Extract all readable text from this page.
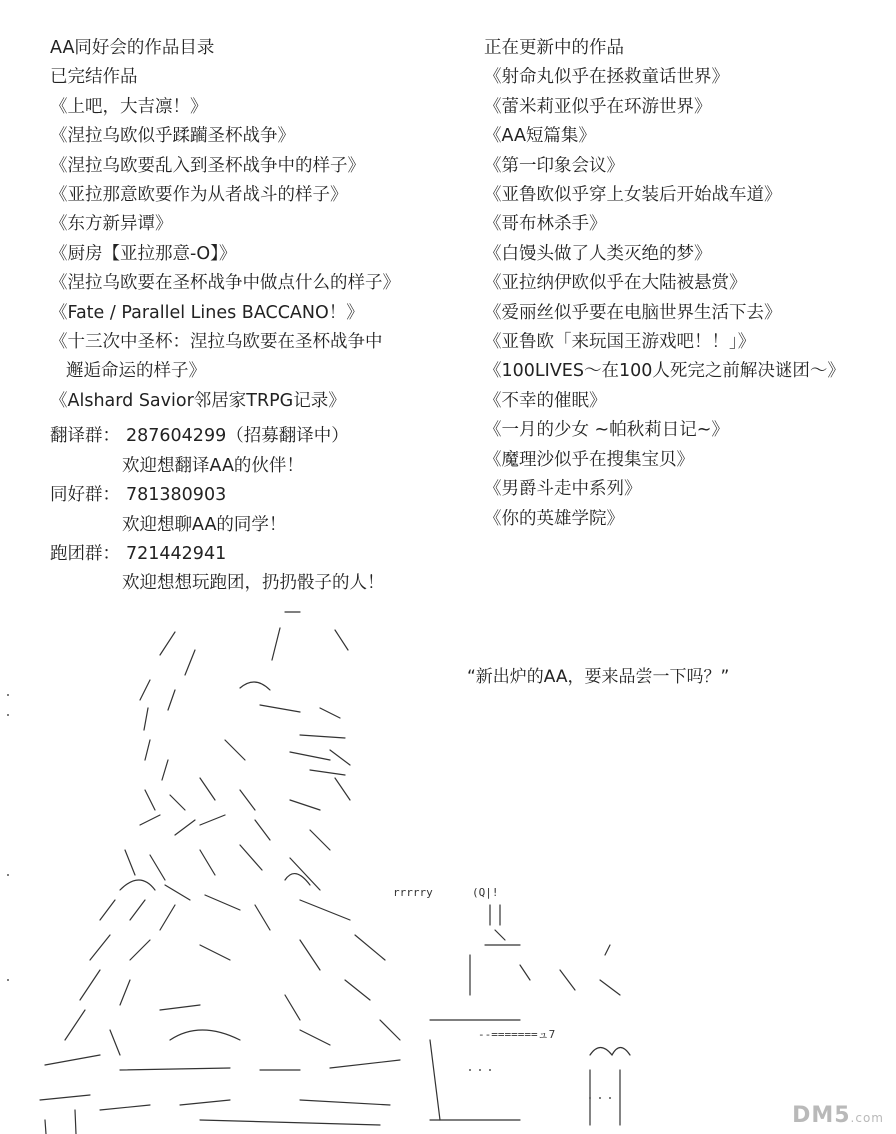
AA同好会的作品目录
已完结作品
《上吧，大吉凛！》
《涅拉乌欧似乎蹂躏圣杯战争》
《涅拉乌欧要乱入到圣杯战争中的样子》
《亚拉那意欧要作为从者战斗的样子》
《东方新异谭》
《厨房【亚拉那意-O】》
《涅拉乌欧要在圣杯战争中做点什么的样子》
《Fate / Parallel Lines BACCANO！》
《十三次中圣杯：涅拉乌欧要在圣杯战争中
邂逅命运的样子》
《Alshard Savior邻居家TRPG记录》
翻译群： 287604299（招募翻译中）
欢迎想翻译AA的伙伴！
同好群： 781380903
欢迎想聊AA的同学！
跑团群： 721442941
欢迎想想玩跑团，扔扔骰子的人！
正在更新中的作品
《射命丸似乎在拯救童话世界》
《蕾米莉亚似乎在环游世界》
《AA短篇集》
《第一印象会议》
《亚鲁欧似乎穿上女装后开始战车道》
《哥布林杀手》
《白馒头做了人类灭绝的梦》
《亚拉纳伊欧似乎在大陆被悬赏》
《爱丽丝似乎要在电脑世界生活下去》
《亚鲁欧「来玩国王游戏吧！！」》
《100LIVES～在100人死完之前解决谜团～》
《不幸的催眠》
《一月的少女 ~帕秋莉日记~》
《魔理沙似乎在搜集宝贝》
《男爵斗走中系列》
《你的英雄学院》
“新出炉的AA，要来品尝一下吗？”
rrrrry	(Q|!
--=======ュ7
DM5.com
